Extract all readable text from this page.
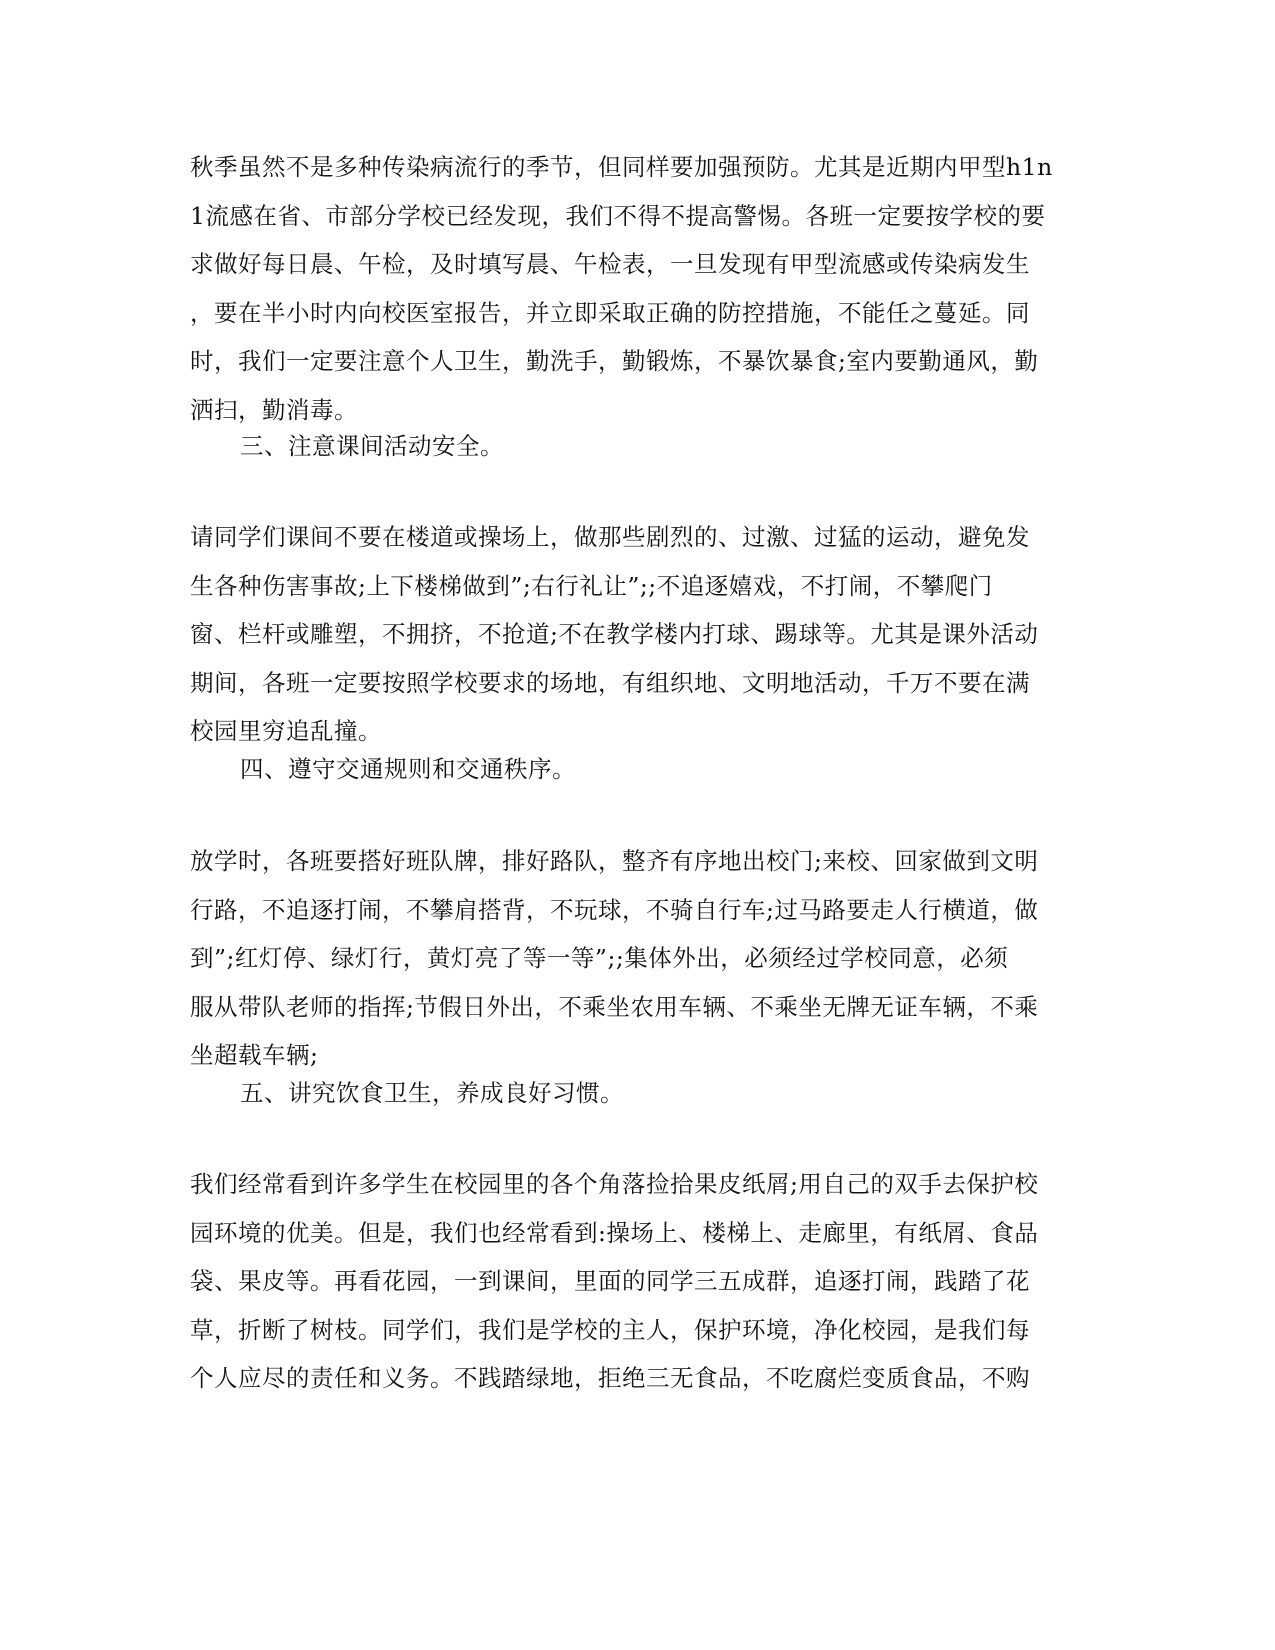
秋季虽然不是多种传染病流行的季节，但同样要加强预防。尤其是近期内甲型h1n
1流感在省、市部分学校已经发现，我们不得不提高警惕。各班一定要按学校的要
求做好每日晨、午检，及时填写晨、午检表，一旦发现有甲型流感或传染病发生
，要在半小时内向校医室报告，并立即采取正确的防控措施，不能任之蔓延。同
时，我们一定要注意个人卫生，勤洗手，勤锻炼，不暴饮暴食;室内要勤通风，勤
洒扫，勤消毒。
三、注意课间活动安全。
请同学们课间不要在楼道或操场上，做那些剧烈的、过激、过猛的运动，避免发
生各种伤害事故;上下楼梯做到”;右行礼让”;;不追逐嬉戏，不打闹，不攀爬门
窗、栏杆或雕塑，不拥挤，不抢道;不在教学楼内打球、踢球等。尤其是课外活动
期间，各班一定要按照学校要求的场地，有组织地、文明地活动，千万不要在满
校园里穷追乱撞。
四、遵守交通规则和交通秩序。
放学时，各班要搭好班队牌，排好路队，整齐有序地出校门;来校、回家做到文明
行路，不追逐打闹，不攀肩搭背，不玩球，不骑自行车;过马路要走人行横道，做
到”;红灯停、绿灯行，黄灯亮了等一等”;;集体外出，必须经过学校同意，必须
服从带队老师的指挥;节假日外出，不乘坐农用车辆、不乘坐无牌无证车辆，不乘
坐超载车辆;
五、讲究饮食卫生，养成良好习惯。
我们经常看到许多学生在校园里的各个角落捡拾果皮纸屑;用自己的双手去保护校
园环境的优美。但是，我们也经常看到:操场上、楼梯上、走廊里，有纸屑、食品
袋、果皮等。再看花园，一到课间，里面的同学三五成群，追逐打闹，践踏了花
草，折断了树枝。同学们，我们是学校的主人，保护环境，净化校园，是我们每
个人应尽的责任和义务。不践踏绿地，拒绝三无食品，不吃腐烂变质食品，不购
